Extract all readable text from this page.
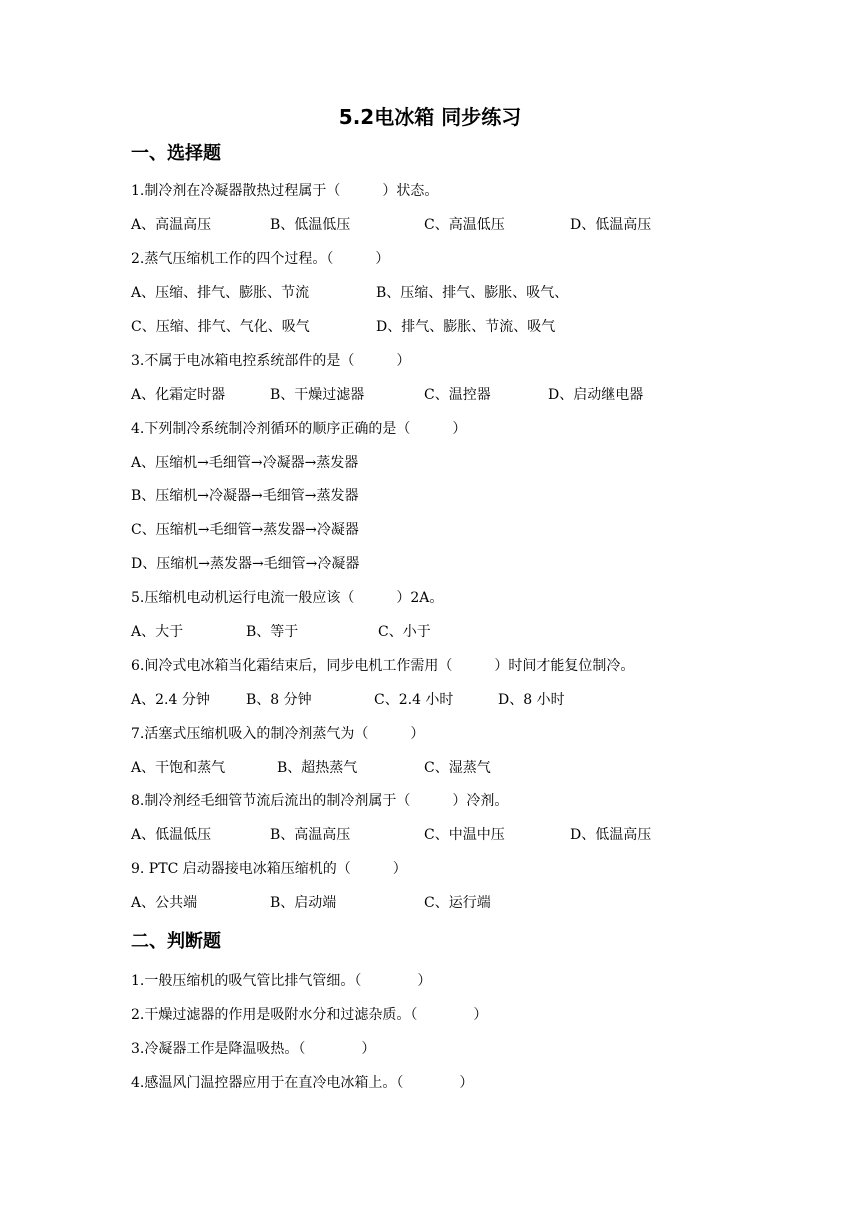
5.2电冰箱 同步练习
一、选择题
1.制冷剂在冷凝器散热过程属于（　　　）状态。
A、高温高压	B、低温低压	C、高温低压	D、低温高压
2.蒸气压缩机工作的四个过程。（　　　）
A、压缩、排气、膨胀、节流	B、压缩、排气、膨胀、吸气、
C、压缩、排气、气化、吸气	D、排气、膨胀、节流、吸气
3.不属于电冰箱电控系统部件的是（　　　）
A、化霜定时器	B、干燥过滤器	C、温控器	D、启动继电器
4.下列制冷系统制冷剂循环的顺序正确的是（　　　）
A、压缩机→毛细管→冷凝器→蒸发器
B、压缩机→冷凝器→毛细管→蒸发器
C、压缩机→毛细管→蒸发器→冷凝器
D、压缩机→蒸发器→毛细管→冷凝器
5.压缩机电动机运行电流一般应该（　　　）2A。
A、大于	B、等于	C、小于
6.间冷式电冰箱当化霜结束后，同步电机工作需用（　　　）时间才能复位制冷。
A、2.4 分钟	B、8 分钟	C、2.4 小时	D、8 小时
7.活塞式压缩机吸入的制冷剂蒸气为（　　　）
A、干饱和蒸气	B、超热蒸气	C、湿蒸气
8.制冷剂经毛细管节流后流出的制冷剂属于（　　　）冷剂。
A、低温低压	B、高温高压	C、中温中压	D、低温高压
9. PTC 启动器接电冰箱压缩机的（　　　）
A、公共端	B、启动端	C、运行端
二、判断题
1.一般压缩机的吸气管比排气管细。（　　　　）
2.干燥过滤器的作用是吸附水分和过滤杂质。（　　　　）
3.冷凝器工作是降温吸热。（　　　　）
4.感温风门温控器应用于在直冷电冰箱上。（　　　　）
